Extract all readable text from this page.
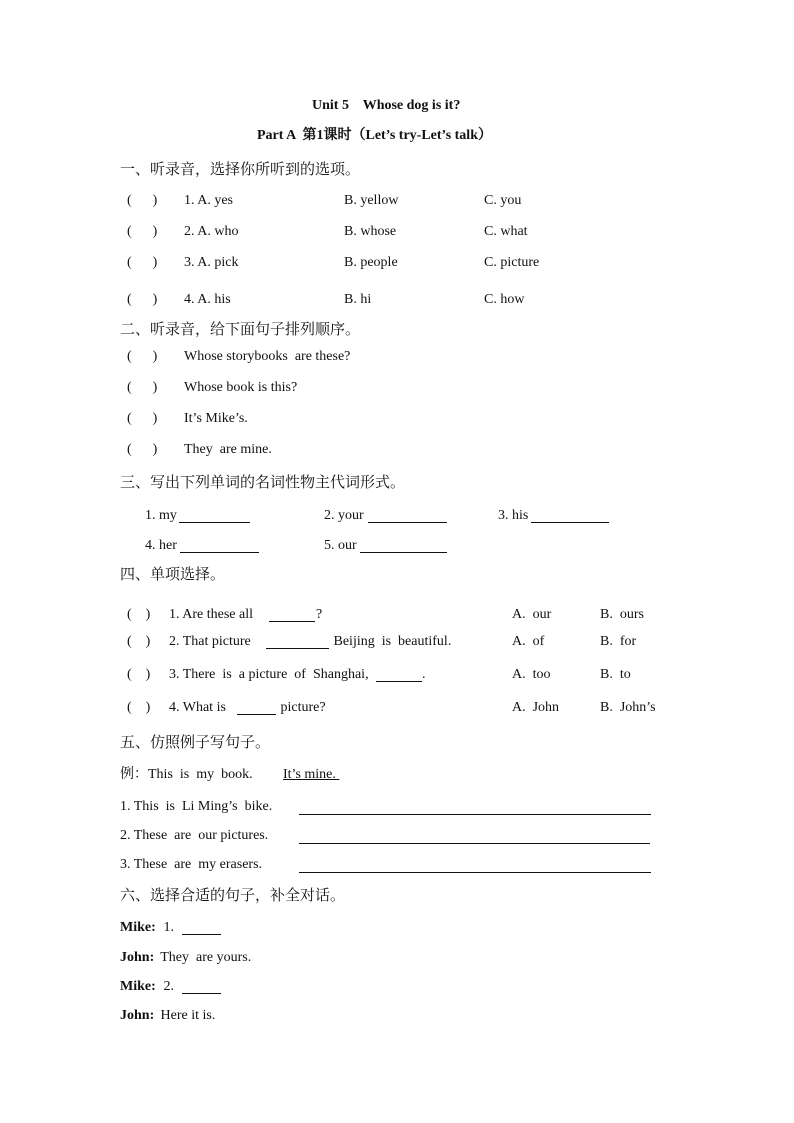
Unit 5    Whose dog is it?
Part A  第1课时（Let’s try-Let’s talk）
一、听录音，选择你所听到的选项。
(      ) 1. A. yes	B. yellow	C. you
(      ) 2. A. who	B. whose	C. what
(      ) 3. A. pick	B. people	C. picture
(      ) 4. A. his	B. hi	C. how
二、听录音，给下面句子排列顺序。
(      ) Whose storybooks  are these?
(      ) Whose book is this?
(      ) It’s Mike’s.
(      ) They  are mine.
三、写出下列单词的名词性物主代词形式。
1. my	2. your	3. his
4. her	5. our
四、单项选择。
(    ) 1. Are these all	?	A.  our	B.  ours
(    ) 2. That picture	Beijing  is  beautiful.	A.  of	B.  for
(    ) 3. There  is  a picture  of  Shanghai,	.	A.  too	B.  to
(    ) 4. What is	picture?	A.  John	B.  John’s
五、仿照例子写句子。
例：This  is  my  book. It’s mine.
1. This  is  Li Ming’s  bike.
2. These  are  our pictures.
3. These  are  my erasers.
六、选择合适的句子，补全对话。
Mike: 1.
John: They  are yours.
Mike: 2.
John: Here it is.
